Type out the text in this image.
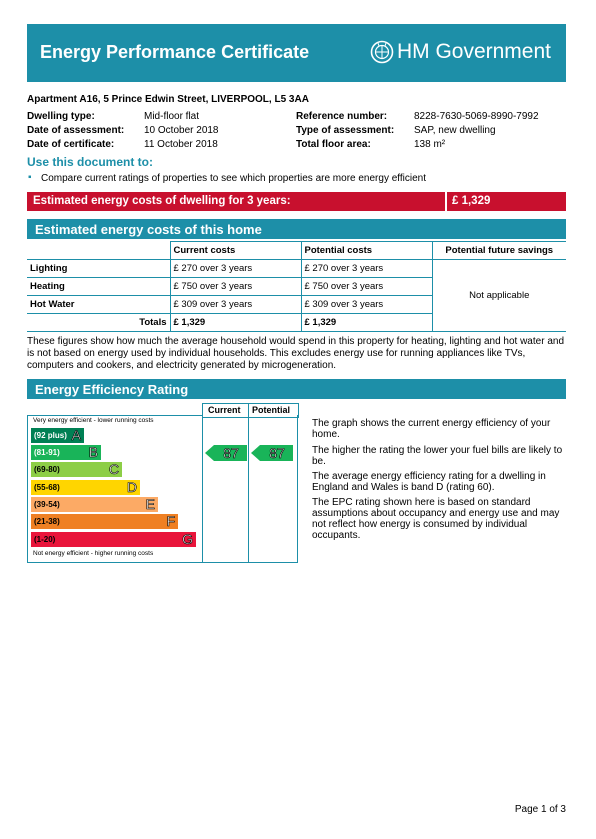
Energy Performance Certificate	HM Government
Apartment A16, 5 Prince Edwin Street, LIVERPOOL, L5 3AA
Dwelling type:	Mid-floor flat
Date of assessment: 10 October 2018
Date of certificate:	11 October 2018
Reference number:	8228-7630-5069-8990-7992
Type of assessment: SAP, new dwelling
Total floor area:	138 m²
Use this document to:
▪ Compare current ratings of properties to see which properties are more energy efficient
Estimated energy costs of dwelling for 3 years:	£ 1,329
Estimated energy costs of this home
	Current costs	Potential costs	Potential future savings
Lighting	£ 270 over 3 years	£ 270 over 3 years	Not applicable
Heating	£ 750 over 3 years	£ 750 over 3 years	
Hot Water	£ 309 over 3 years	£ 309 over 3 years	
Totals	£ 1,329	£ 1,329	
These figures show how much the average household would spend in this property for heating, lighting and hot water and is not based on energy used by individual households. This excludes energy use for running appliances like TVs, computers and cookers, and electricity generated by microgeneration.
Energy Efficiency Rating
Current Potential
Very energy efficient - lower running costs
(92 plus) A
(81-91) B
(69-80)	C
(55-68)	D
(39-54)	E
(21-38)	F
(1-20)	G
Not energy efficient - higher running costs
87	87
The graph shows the current energy efficiency of your home.
The higher the rating the lower your fuel bills are likely to be.
The average energy efficiency rating for a dwelling in England and Wales is band D (rating 60).
The EPC rating shown here is based on standard assumptions about occupancy and energy use and may not reflect how energy is consumed by individual occupants.
Page 1 of 3
